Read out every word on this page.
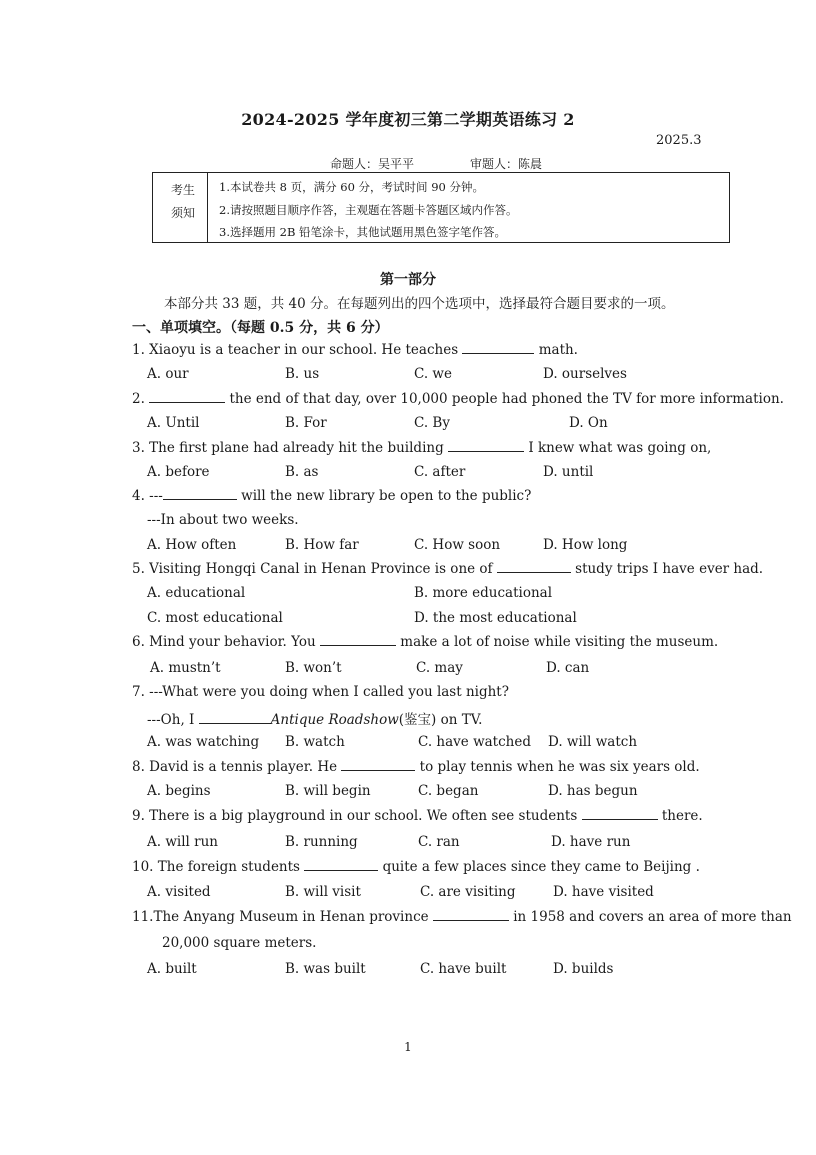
2024-2025 学年度初三第二学期英语练习 2
2025.3
命题人：吴平平	审题人：陈晨
考生
须知
1.本试卷共 8 页，满分 60 分，考试时间 90 分钟。
2.请按照题目顺序作答，主观题在答题卡答题区域内作答。
3.选择题用 2B 铅笔涂卡，其他试题用黑色签字笔作答。
第一部分
本部分共 33 题，共 40 分。在每题列出的四个选项中，选择最符合题目要求的一项。
一、单项填空。（每题 0.5 分，共 6 分）
1. Xiaoyu is a teacher in our school. He teaches	math.
A. our	B. us	C. we	D. ourselves
2.	the end of that day, over 10,000 people had phoned the TV for more information.
A. Until	B. For	C. By	D. On
3. The first plane had already hit the building	I knew what was going on,
A. before	B. as	C. after	D. until
4. ---	will the new library be open to the public?
---In about two weeks.
A. How often	B. How far	C. How soon	D. How long
5. Visiting Hongqi Canal in Henan Province is one of	study trips I have ever had.
A. educational	B. more educational
C. most educational	D. the most educational
6. Mind your behavior. You	make a lot of noise while visiting the museum.
A. mustn’t	B. won’t	C. may	D. can
7. ---What were you doing when I called you last night?
---Oh, I	Antique Roadshow(鉴宝) on TV.
A. was watching B. watch	C. have watched D. will watch
8. David is a tennis player. He	to play tennis when he was six years old.
A. begins	B. will begin	C. began	D. has begun
9. There is a big playground in our school. We often see students	there.
A. will run	B. running	C. ran	D. have run
10. The foreign students	quite a few places since they came to Beijing .
A. visited	B. will visit	C. are visiting	D. have visited
11.The Anyang Museum in Henan province	in 1958 and covers an area of more than
20,000 square meters.
A. built	B. was built	C. have built	D. builds
1
